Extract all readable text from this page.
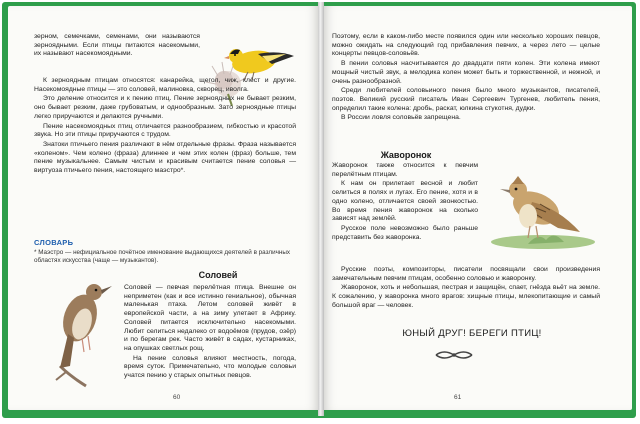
зерном, семечками, семенами, они называются зерноядными. Если птицы питаются насекомыми, их называют насекомоядными.

К зерноядным птицам относятся: канарейка, щегол, чиж, клёст и другие. Насекомоядные птицы — это соловей, малиновка, скворец, иволга.

Это деление относится и к пению птиц. Пение зерноядных не бывает резким, оно бывает резким, даже грубоватым, и однообразным. Зато зерноядные птицы легко приручаются и делаются ручными.

Пение насекомоядных птиц отличается разнообразием, гибкостью и красотой звука. Но эти птицы приручаются с трудом.

Знатоки птичьего пения различают в нём отдельные фразы. Фраза называется «коленом». Чем колено (фраза) длиннее и чем этих колен (фраз) больше, тем пение музыкальнее. Самым чистым и красивым считается пение соловья — виртуоза птичьего пения, настоящего маэстро*.

СЛОВАРЬ
* Маэстро — нефициальное почётное именование выдающихся деятелей в различных областях искусства (чаще — музыкантов).
Соловей

Соловей — певчая перелётная птица. Внешне он неприметен (как и все истинно гениальное), обычная маленькая птаха. Летом соловей живёт в европейской части, а на зиму улетает в Африку. Соловей питается исключительно насекомыми. Любит селиться недалеко от водоёмов (прудов, озёр) и по берегам рек. Часто живёт в садах, кустарниках, на опушках светлых рощ.

На пение соловья влияют местность, погода, время суток. Примечательно, что молодые соловьи учатся пению у старых опытных певцов.

60

Поэтому, если в каком-либо месте появился один или несколько хороших певцов, можно ожидать на следующий год прибавления певчих, а через лето — целые концерты певцов-соловьёв.

В пении соловья насчитывается до двадцати пяти колен. Эти колена имеют мощный чистый звук, а мелодика колен может быть и торжественной, и нежной, и очень разнообразной.

Среди любителей соловьиного пения было много музыкантов, писателей, поэтов. Великий русский писатель Иван Сергеевич Тургенев, любитель пения, определил такие колена: дробь, раскат, юлкина стукотня, дудки.

В России ловля соловьёв запрещена.

Жаворонок

Жаворонок также относится к певчим перелётным птицам.

К нам он прилетает весной и любит селиться в полях и лугах. Его пение, хотя и в одно колено, отличается своей звонкостью. Во время пения жаворонок на сколько зависят над землёй.

Русское поле невозможно было раньше представить без жаворонка.

Русские поэты, композиторы, писатели посвящали свои произведения замечательным певчим птицам, особенно соловью и жаворонку.

Жаворонок, хоть и небольшая, пестрая и защищён, спает, гнёзда вьёт на земле. К сожалению, у жаворонка много врагов: хищные птицы, млекопитающие и самый большой враг — человек.

ЮНЫЙ ДРУГ! БЕРЕГИ ПТИЦ!
61
